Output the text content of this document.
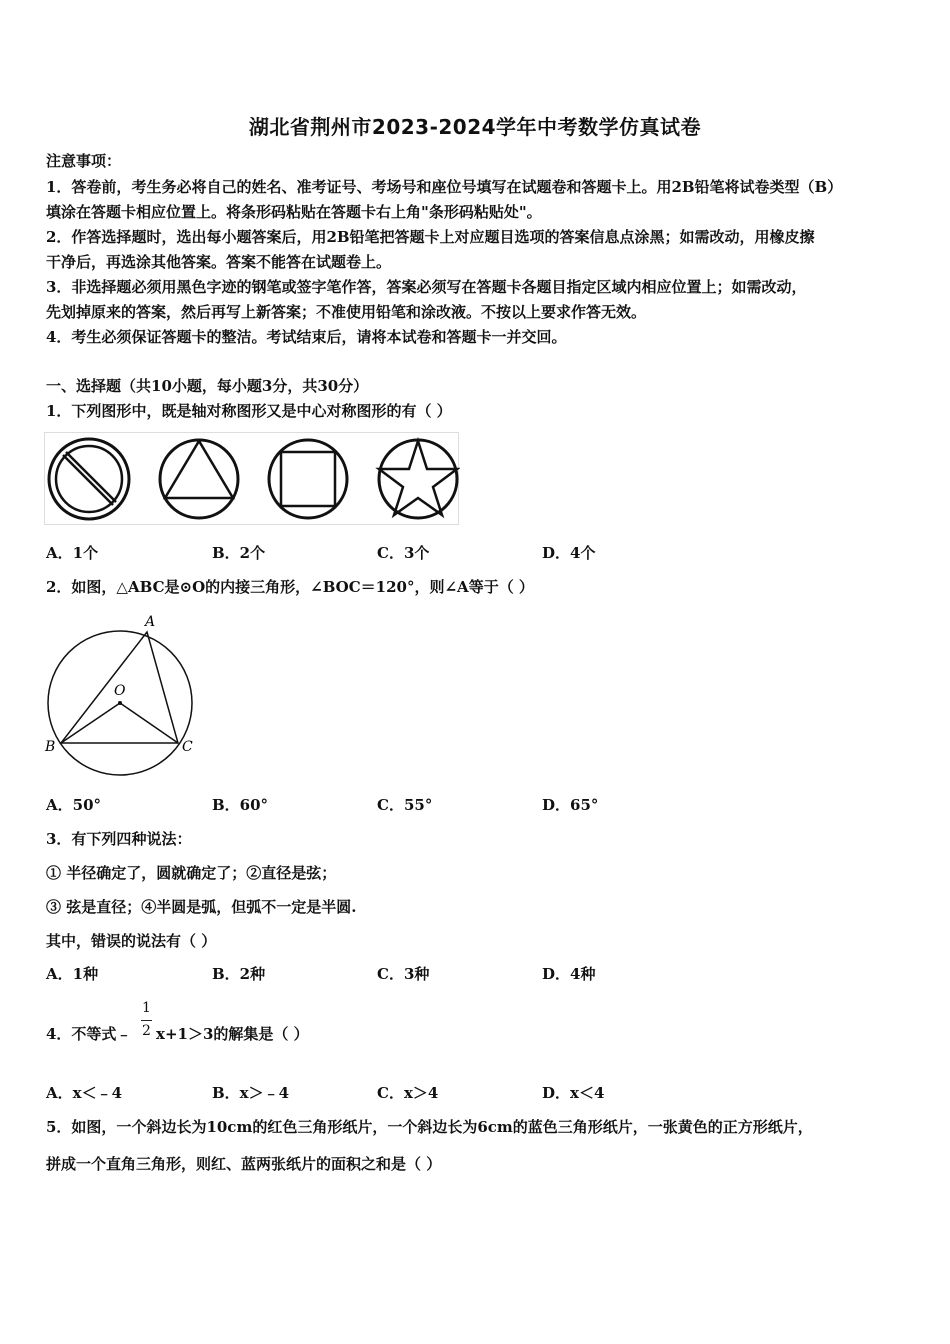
湖北省荆州市2023-2024学年中考数学仿真试卷
注意事项：
1．答卷前，考生务必将自己的姓名、准考证号、考场号和座位号填写在试题卷和答题卡上。用2B铅笔将试卷类型（B）
填涂在答题卡相应位置上。将条形码粘贴在答题卡右上角"条形码粘贴处"。
2．作答选择题时，选出每小题答案后，用2B铅笔把答题卡上对应题目选项的答案信息点涂黑；如需改动，用橡皮擦
干净后，再选涂其他答案。答案不能答在试题卷上。
3．非选择题必须用黑色字迹的钢笔或签字笔作答，答案必须写在答题卡各题目指定区域内相应位置上；如需改动，
先划掉原来的答案，然后再写上新答案；不准使用铅笔和涂改液。不按以上要求作答无效。
4．考生必须保证答题卡的整洁。考试结束后，请将本试卷和答题卡一并交回。
一、选择题（共10小题，每小题3分，共30分）
1．下列图形中，既是轴对称图形又是中心对称图形的有（ ）
A．1个	B．2个	C．3个	D．4个
2．如图，△ABC是⊙O的内接三角形，∠BOC＝120°，则∠A等于（ ）
A
B	C
O
A．50°	B．60°	C．55°	D．65°
3．有下列四种说法：
① 半径确定了，圆就确定了；②直径是弦；
③ 弦是直径；④半圆是弧，但弧不一定是半圆.
其中，错误的说法有（ ）
A．1种	B．2种	C．3种	D．4种
4．不等式﹣
1
2 x+1＞3的解集是（ ）
A．x＜﹣4	B．x＞﹣4	C．x＞4	D．x＜4
5．如图，一个斜边长为10cm的红色三角形纸片，一个斜边长为6cm的蓝色三角形纸片，一张黄色的正方形纸片，
拼成一个直角三角形，则红、蓝两张纸片的面积之和是（ ）
